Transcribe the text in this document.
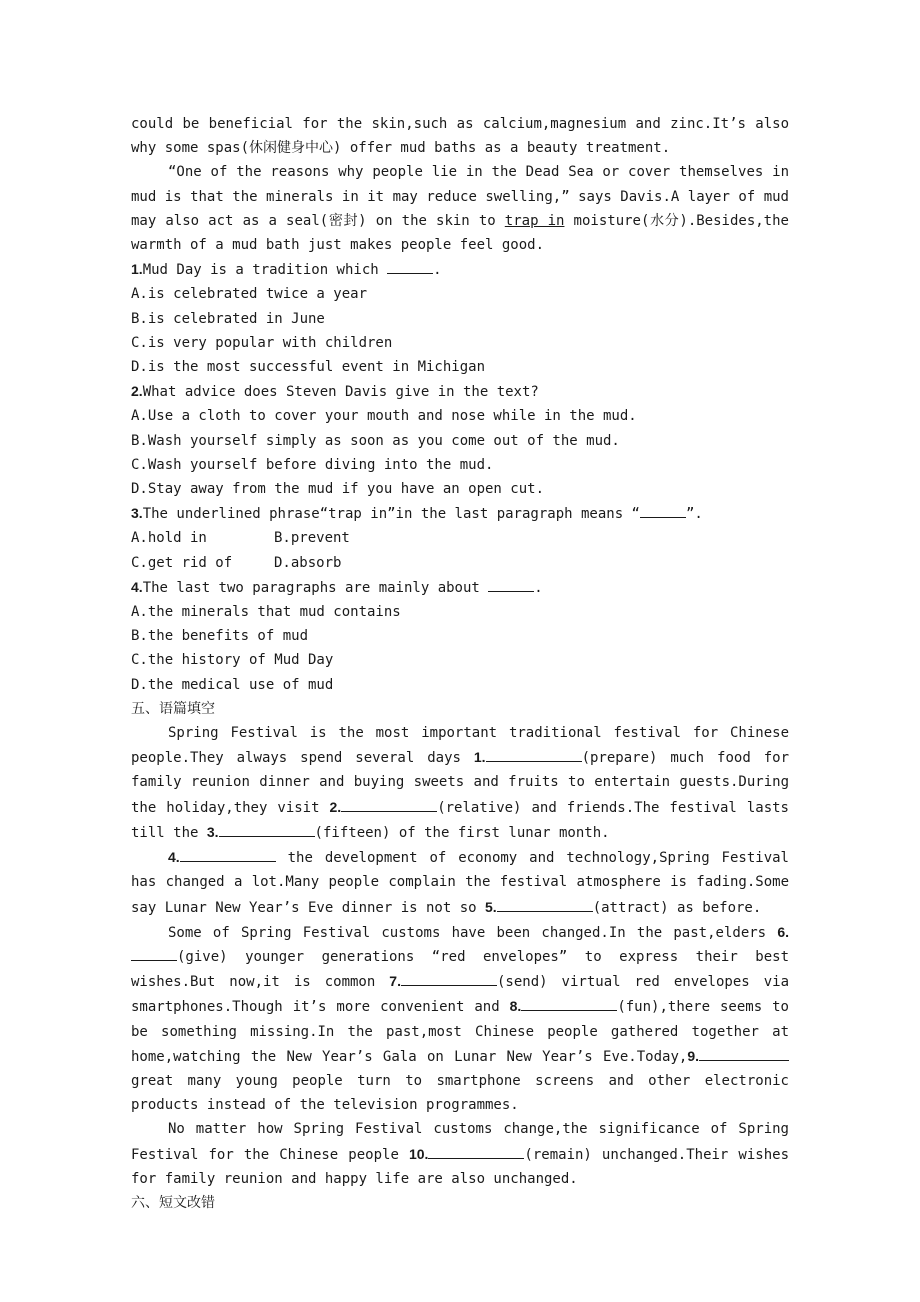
could be beneficial for the skin,such as calcium,magnesium and zinc.It’s also why some spas(休闲健身中心) offer mud baths as a beauty treatment.

“One of the reasons why people lie in the Dead Sea or cover themselves in mud is that the minerals in it may reduce swelling,” says Davis.A layer of mud may also act as a seal(密封) on the skin to trap in moisture(水分).Besides,the warmth of a mud bath just makes people feel good.

1.Mud Day is a tradition which	.

A.is celebrated twice a year

B.is celebrated in June

C.is very popular with children

D.is the most successful event in Michigan

2.What advice does Steven Davis give in the text?

A.Use a cloth to cover your mouth and nose while in the mud.

B.Wash yourself simply as soon as you come out of the mud.

C.Wash yourself before diving into the mud.

D.Stay away from the mud if you have an open cut.

3.The underlined phrase“trap in”in the last paragraph means “	”.

A.hold in	B.prevent

C.get rid of	D.absorb

4.The last two paragraphs are mainly about	.

A.the minerals that mud contains

B.the benefits of mud

C.the history of Mud Day

D.the medical use of mud

五、语篇填空

Spring Festival is the most important traditional festival for Chinese people.They always spend several days 1.	(prepare) much food for family reunion dinner and buying sweets and fruits to entertain guests.During the holiday,they visit 2.	(relative) and friends.The festival lasts till the 3.	(fifteen) of the first lunar month.

4.	the development of economy and technology,Spring Festival has changed a lot.Many people complain the festival atmosphere is fading.Some say Lunar New Year’s Eve dinner is not so 5.	(attract) as before.

Some of Spring Festival customs have been changed.In the past,elders 6.(give) younger generations “red envelopes” to express their best wishes.But now,it is common 7.	(send) virtual red envelopes via smartphones.Though it’s more convenient and 8.	(fun),there seems to be something missing.In the past,most Chinese people gathered together at home,watching the New Year’s Gala on Lunar New Year’s Eve.Today,9. great many young people turn to smartphone screens and other electronic products instead of the television programmes.

No matter how Spring Festival customs change,the significance of Spring Festival for the Chinese people 10.	(remain) unchanged.Their wishes for family reunion and happy life are also unchanged.

六、短文改错
